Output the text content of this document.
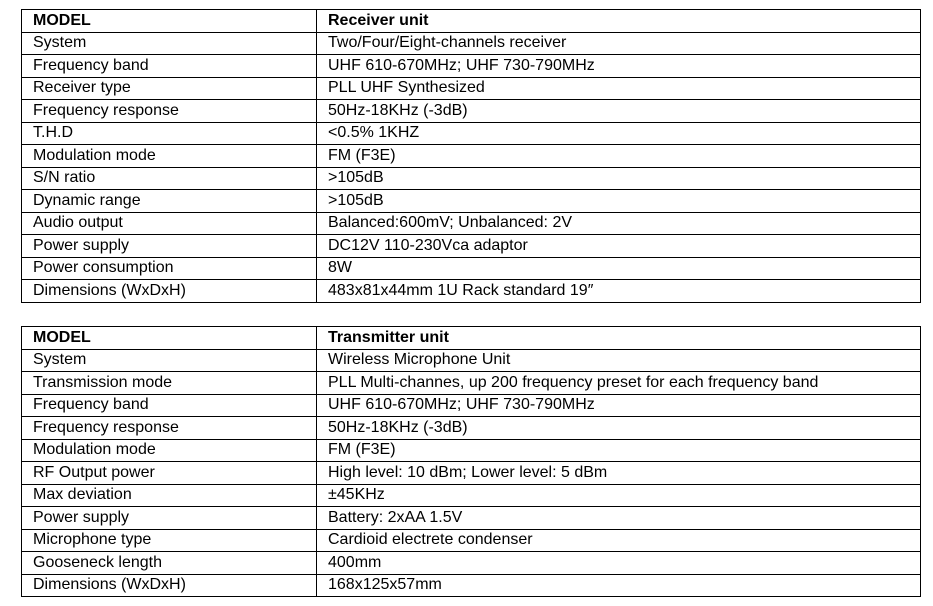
MODEL	Receiver unit
System	Two/Four/Eight-channels receiver
Frequency band	UHF 610-670MHz; UHF 730-790MHz
Receiver type	PLL UHF Synthesized
Frequency response	50Hz-18KHz (-3dB)
T.H.D	<0.5% 1KHZ
Modulation mode	FM (F3E)
S/N ratio	>105dB
Dynamic range	>105dB
Audio output	Balanced:600mV; Unbalanced: 2V
Power supply	DC12V 110-230Vca adaptor
Power consumption	8W
Dimensions (WxDxH)	483x81x44mm 1U Rack standard 19″
MODEL	Transmitter unit
System	Wireless Microphone Unit
Transmission mode	PLL Multi-channes, up 200 frequency preset for each frequency band
Frequency band	UHF 610-670MHz; UHF 730-790MHz
Frequency response	50Hz-18KHz (-3dB)
Modulation mode	FM (F3E)
RF Output power	High level: 10 dBm; Lower level: 5 dBm
Max deviation	±45KHz
Power supply	Battery: 2xAA 1.5V
Microphone type	Cardioid electrete condenser
Gooseneck length	400mm
Dimensions (WxDxH)	168x125x57mm
